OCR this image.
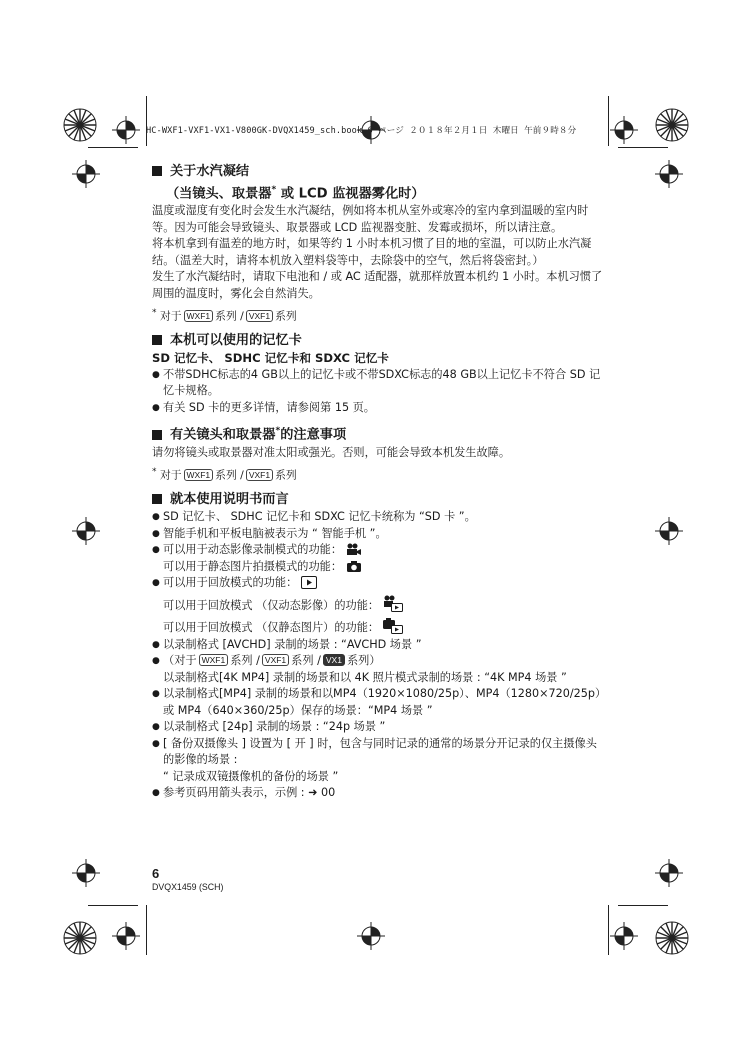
HC-WXF1-VXF1-VX1-V800GK-DVQX1459_sch.book 6 ページ ２０１８年２月１日 木曜日 午前９時８分
关于水汽凝结
（当镜头、取景器* 或 LCD 监视器雾化时）

温度或湿度有变化时会发生水汽凝结，例如将本机从室外或寒冷的室内拿到温暖的室内时等。因为可能会导致镜头、取景器或 LCD 监视器变脏、发霉或损坏，所以请注意。

将本机拿到有温差的地方时，如果等约 1 小时本机习惯了目的地的室温，可以防止水汽凝结。（温差大时，请将本机放入塑料袋等中，去除袋中的空气，然后将袋密封。）

发生了水汽凝结时，请取下电池和 / 或 AC 适配器，就那样放置本机约 1 小时。本机习惯了周围的温度时，雾化会自然消失。

* 对于 WXF1 系列 / VXF1 系列
本机可以使用的记忆卡
SD 记忆卡、 SDHC 记忆卡和 SDXC 记忆卡
● 不带SDHC标志的4 GB以上的记忆卡或不带SDXC标志的48 GB以上记忆卡不符合 SD 记忆卡规格。
● 有关 SD 卡的更多详情，请参阅第 15 页。
有关镜头和取景器*的注意事项

请勿将镜头或取景器对准太阳或强光。否则，可能会导致本机发生故障。

* 对于 WXF1 系列 / VXF1 系列
就本使用说明书而言
● SD 记忆卡、 SDHC 记忆卡和 SDXC 记忆卡统称为 “SD 卡 ”。
● 智能手机和平板电脑被表示为 “ 智能手机 ”。
● 可以用于动态影像录制模式的功能：
可以用于静态图片拍摄模式的功能：
● 可以用于回放模式的功能：
可以用于回放模式 （仅动态影像）的功能：
可以用于回放模式 （仅静态图片）的功能：
● 以录制格式 [AVCHD] 录制的场景 : “AVCHD 场景 ”
● （对于 WXF1 系列 / VXF1 系列 / VX1 系列）
以录制格式[4K MP4] 录制的场景和以 4K 照片模式录制的场景 : “4K MP4 场景 ”
● 以录制格式[MP4] 录制的场景和以MP4（1920×1080/25p）、MP4（1280×720/25p）或 MP4（640×360/25p）保存的场景：“MP4 场景 ”
● 以录制格式 [24p] 录制的场景 : “24p 场景 ”
● [ 备份双摄像头 ] 设置为 [ 开 ] 时，包含与同时记录的通常的场景分开记录的仅主摄像头的影像的场景 :
“ 记录成双镜摄像机的备份的场景 ”
● 参考页码用箭头表示，示例 : ➜ 00
6
DVQX1459 (SCH)
